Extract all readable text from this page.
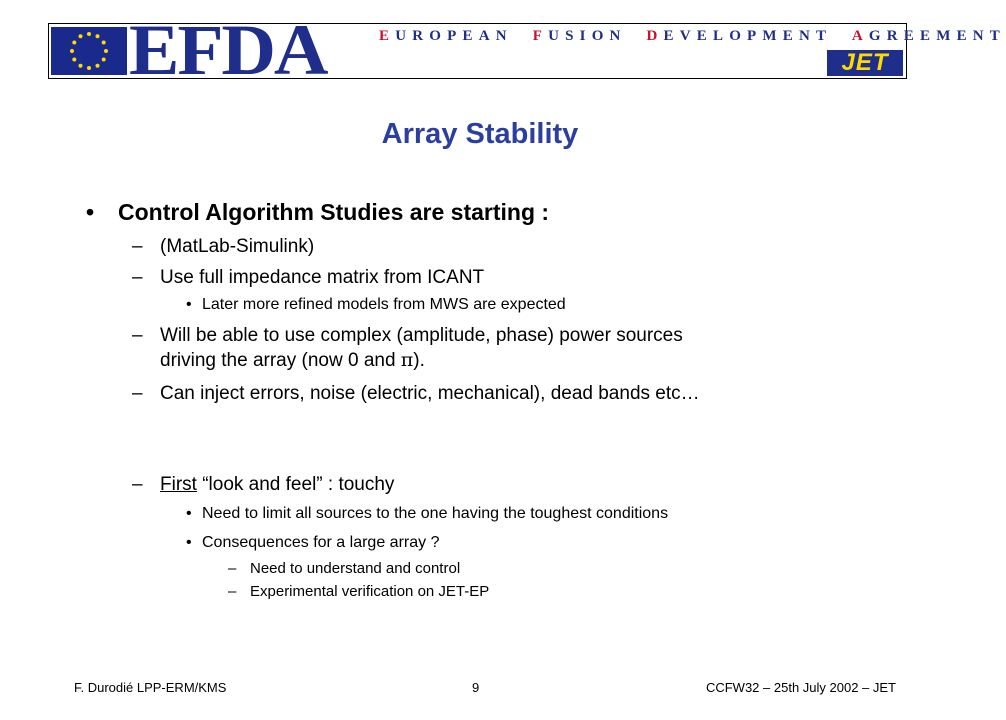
EFDA	EUROPEAN FUSION DEVELOPMENT AGREEMENT
JET
Array Stability
• Control Algorithm Studies are starting :
– (MatLab-Simulink)
– Use full impedance matrix from ICANT
• Later more refined models from MWS are expected
– Will be able to use complex (amplitude, phase) power sources
driving the array (now 0 and π).
– Can inject errors, noise (electric, mechanical), dead bands etc…
– First “look and feel” : touchy
• Need to limit all sources to the one having the toughest conditions
• Consequences for a large array ?
– Need to understand and control
– Experimental verification on JET-EP
F. Durodié LPP-ERM/KMS	9	CCFW32 – 25th July 2002 – JET
